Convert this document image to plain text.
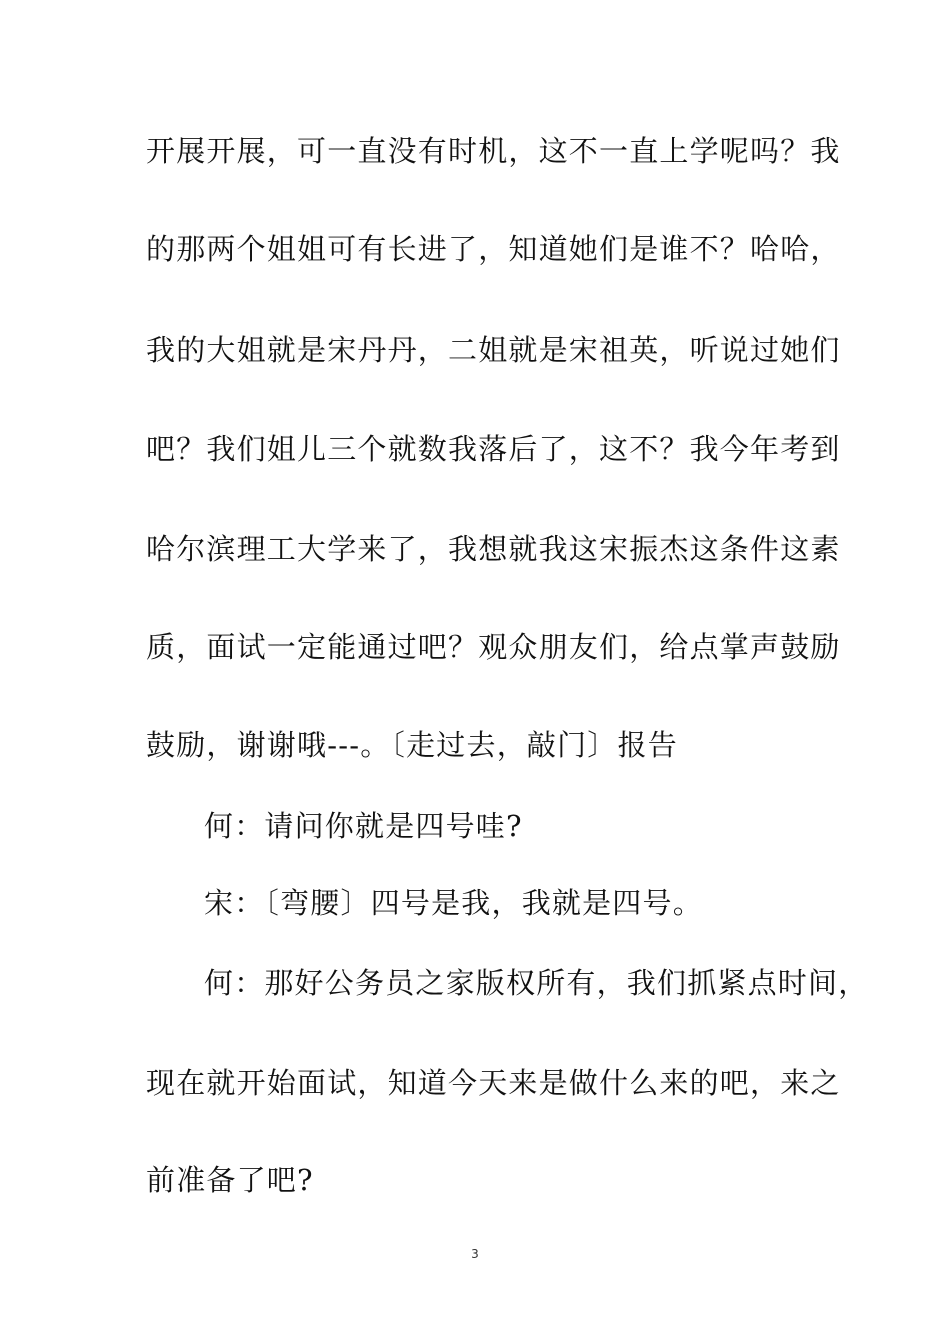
开展开展，可一直没有时机，这不一直上学呢吗？我
的那两个姐姐可有长进了，知道她们是谁不？哈哈，
我的大姐就是宋丹丹，二姐就是宋祖英，听说过她们
吧？我们姐儿三个就数我落后了，这不？我今年考到
哈尔滨理工大学来了，我想就我这宋振杰这条件这素
质，面试一定能通过吧？观众朋友们，给点掌声鼓励
鼓励，谢谢哦---。〔走过去，敲门〕报告
何：请问你就是四号哇?
宋：〔弯腰〕四号是我，我就是四号。
何：那好公务员之家版权所有，我们抓紧点时间，
现在就开始面试，知道今天来是做什么来的吧，来之
前准备了吧?
3
